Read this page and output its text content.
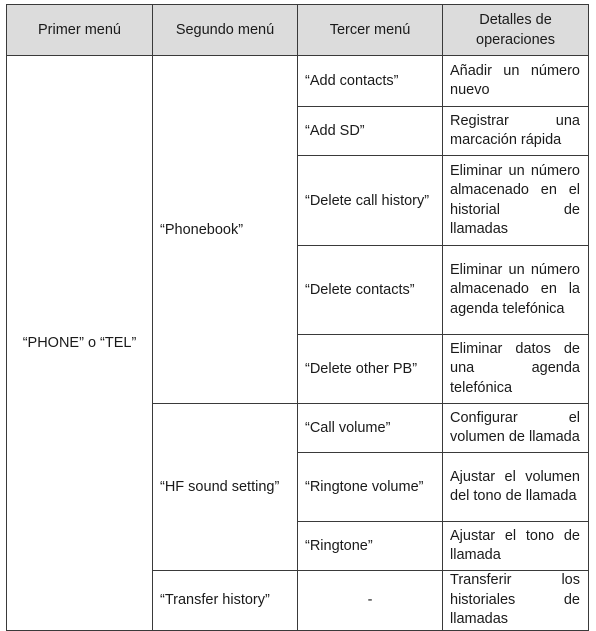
Primer menú	Segundo menú	Tercer menú	Detalles de operaciones
“PHONE” o “TEL”	“Phonebook”	“Add contacts”	Añadir un número nuevo
		“Add SD”	Registrar una marcación rápida
		“Delete call history”	Eliminar un número almacenado en el historial de llamadas
		“Delete contacts”	Eliminar un número almacenado en la agenda telefónica
		“Delete other PB”	Eliminar datos de una agenda telefónica
	“HF sound setting”	“Call volume”	Configurar el volumen de llamada
		“Ringtone volume”	Ajustar el volumen del tono de llamada
		“Ringtone”	Ajustar el tono de llamada
	“Transfer history”	-	Transferir los historiales de llamadas
